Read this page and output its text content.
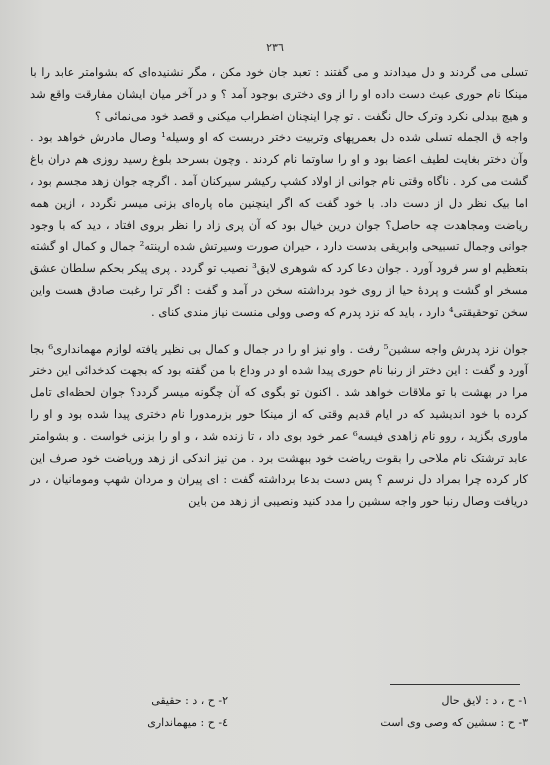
٢٣٦

تسلی می گردند و دل میدادند و می گفتند : تعبد جان خود مکن ، مگر نشنیده‌ای که بشوامتر عابد را با مینکا نام حوری عبث دست داده او را از وی دختری بوجود آمد ؟ و در آخر میان ایشان مفارقت واقع شد و هیچ بیدلی نکرد وترک حال نگفت . تو چرا اینچنان اضطراب میکنی و قصد خود می‌نمائی ؟

واجه ق الجمله تسلی شده دل بعمرپهای وتربیت دختر دربست که او وسیله¹ وصال مادرش خواهد بود . وآن دختر بغایت لطیف اعضا بود و او را ساوتما نام کردند . وچون بسرحد بلوغ رسید روزی هم دران باغ گشت می کرد . ناگاه وقتی نام جوانی از اولاد کشپ رکیشر سیرکنان آمد . اگرچه جوان زهد مجسم بود ، اما بیک نظر دل از دست داد. با خود گفت که اگر اینچنین ماه پاره‌ای بزنی میسر نگردد ، ازین همه ریاضت ومجاهدت چه حاصل؟ جوان درین خیال بود که آن پری زاد را نظر بروی افتاد ، دید که با وجود جوانی وجمال تسبیحی وابریقی بدست دارد ، حیران صورت وسیرتش شده ارینته² جمال و کمال او گشته بتعظیم او سر فرود آورد . جوان دعا کرد که شوهری لایق³ نصیب تو گردد . پری پیکر بحکم سلطان عشق مسخر او گشت و پردهٔ حیا از روی خود برداشته سخن در آمد و گفت : اگر ترا رغبت صادق هست واین سخن توحقیقتی⁴ دارد ، باید که نزد پدرم که وصی وولی منست نیاز مندی کنای .

جوان نزد پدرش واجه سشین⁵ رفت . واو نیز او را در جمال و کمال بی نظیر یافته لوازم مهمانداری⁶ بجا آورد و گفت : این دختر از رنبا نام حوری پیدا شده او در وداع با من گفته بود که بجهت کدخدائی این دختر مرا در بهشت با تو ملاقات خواهد شد . اکنون تو بگوی که آن چگونه میسر گردد؟ جوان لحظه‌ای تامل کرده با خود اندیشید که در ایام قدیم وقتی که از مینکا حور بزرمدورا نام دختری پیدا شده بود و او را ماوری بگزید ، روو نام زاهدی فیسه⁶ عمر خود بوی داد ، تا زنده شد ، و او را بزنی خواست . و بشوامتر عابد ترشتک نام ملاحی را بقوت ریاضت خود ببهشت برد . من نیز اندکی از زهد وریاضت خود صرف این کار کرده چرا بمراد دل نرسم ؟ پس دست بدعا برداشته گفت : ای پیران و مردان شهپ ومومانیان ، در دریافت وصال رنبا حور واجه سشین را مدد کنید ونصیبی از زهد من باین

١- ح ، د : لایق حال
٣- ح : سشین که وصی وی است
٢- ح ، د : حقیقی
٤- ح : میهمانداری
